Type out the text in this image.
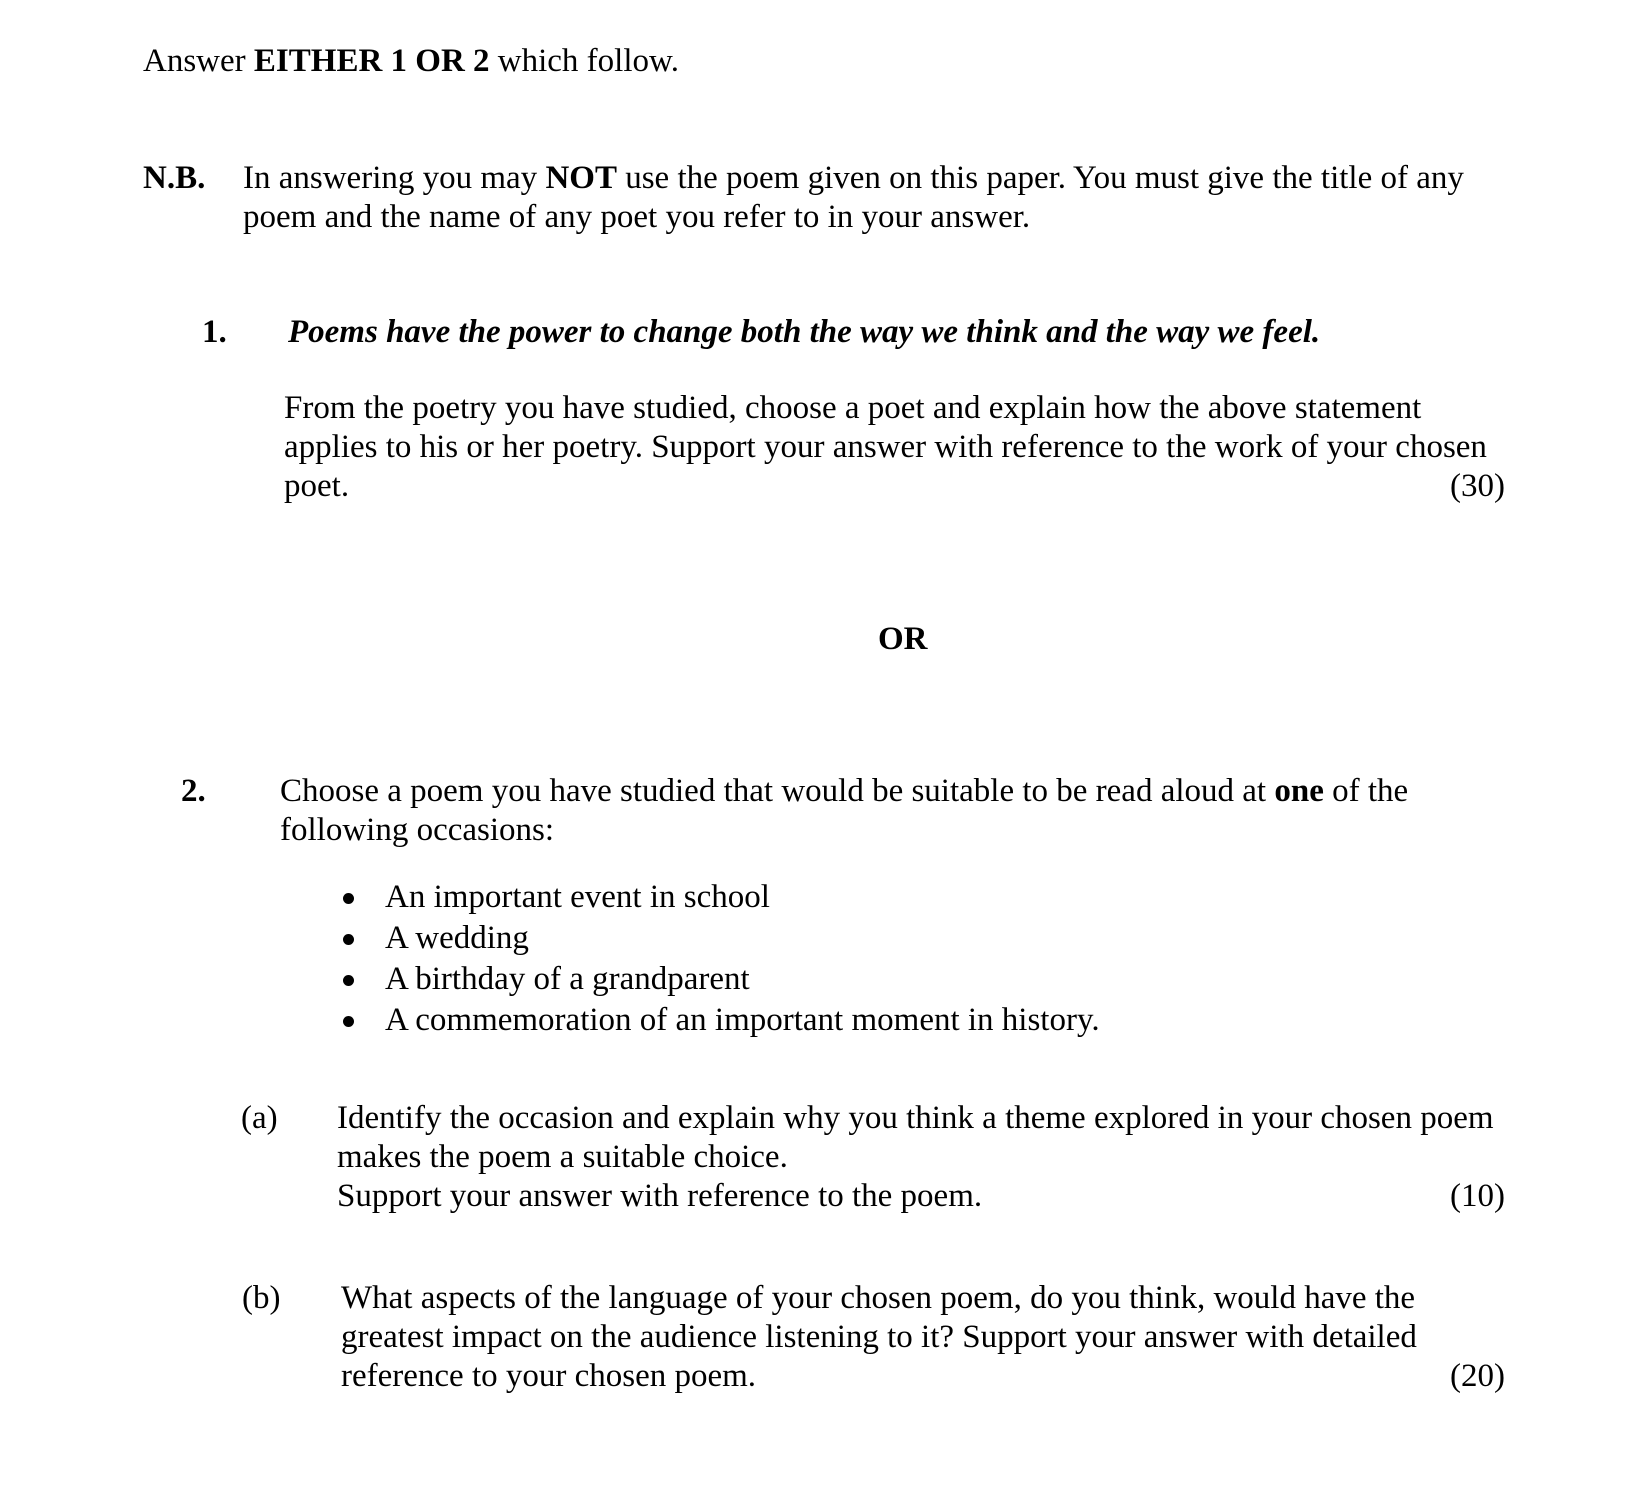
Answer EITHER 1 OR 2 which follow.
N.B. In answering you may NOT use the poem given on this paper. You must give the title of any
poem and the name of any poet you refer to in your answer.
1. Poems have the power to change both the way we think and the way we feel.
From the poetry you have studied, choose a poet and explain how the above statement
applies to his or her poetry. Support your answer with reference to the work of your chosen
poet.	(30)
OR
2. Choose a poem you have studied that would be suitable to be read aloud at one of the
following occasions:
An important event in school
A wedding
A birthday of a grandparent
A commemoration of an important moment in history.
(a) Identify the occasion and explain why you think a theme explored in your chosen poem
makes the poem a suitable choice.
Support your answer with reference to the poem.	(10)
(b) What aspects of the language of your chosen poem, do you think, would have the
greatest impact on the audience listening to it? Support your answer with detailed
reference to your chosen poem.	(20)
